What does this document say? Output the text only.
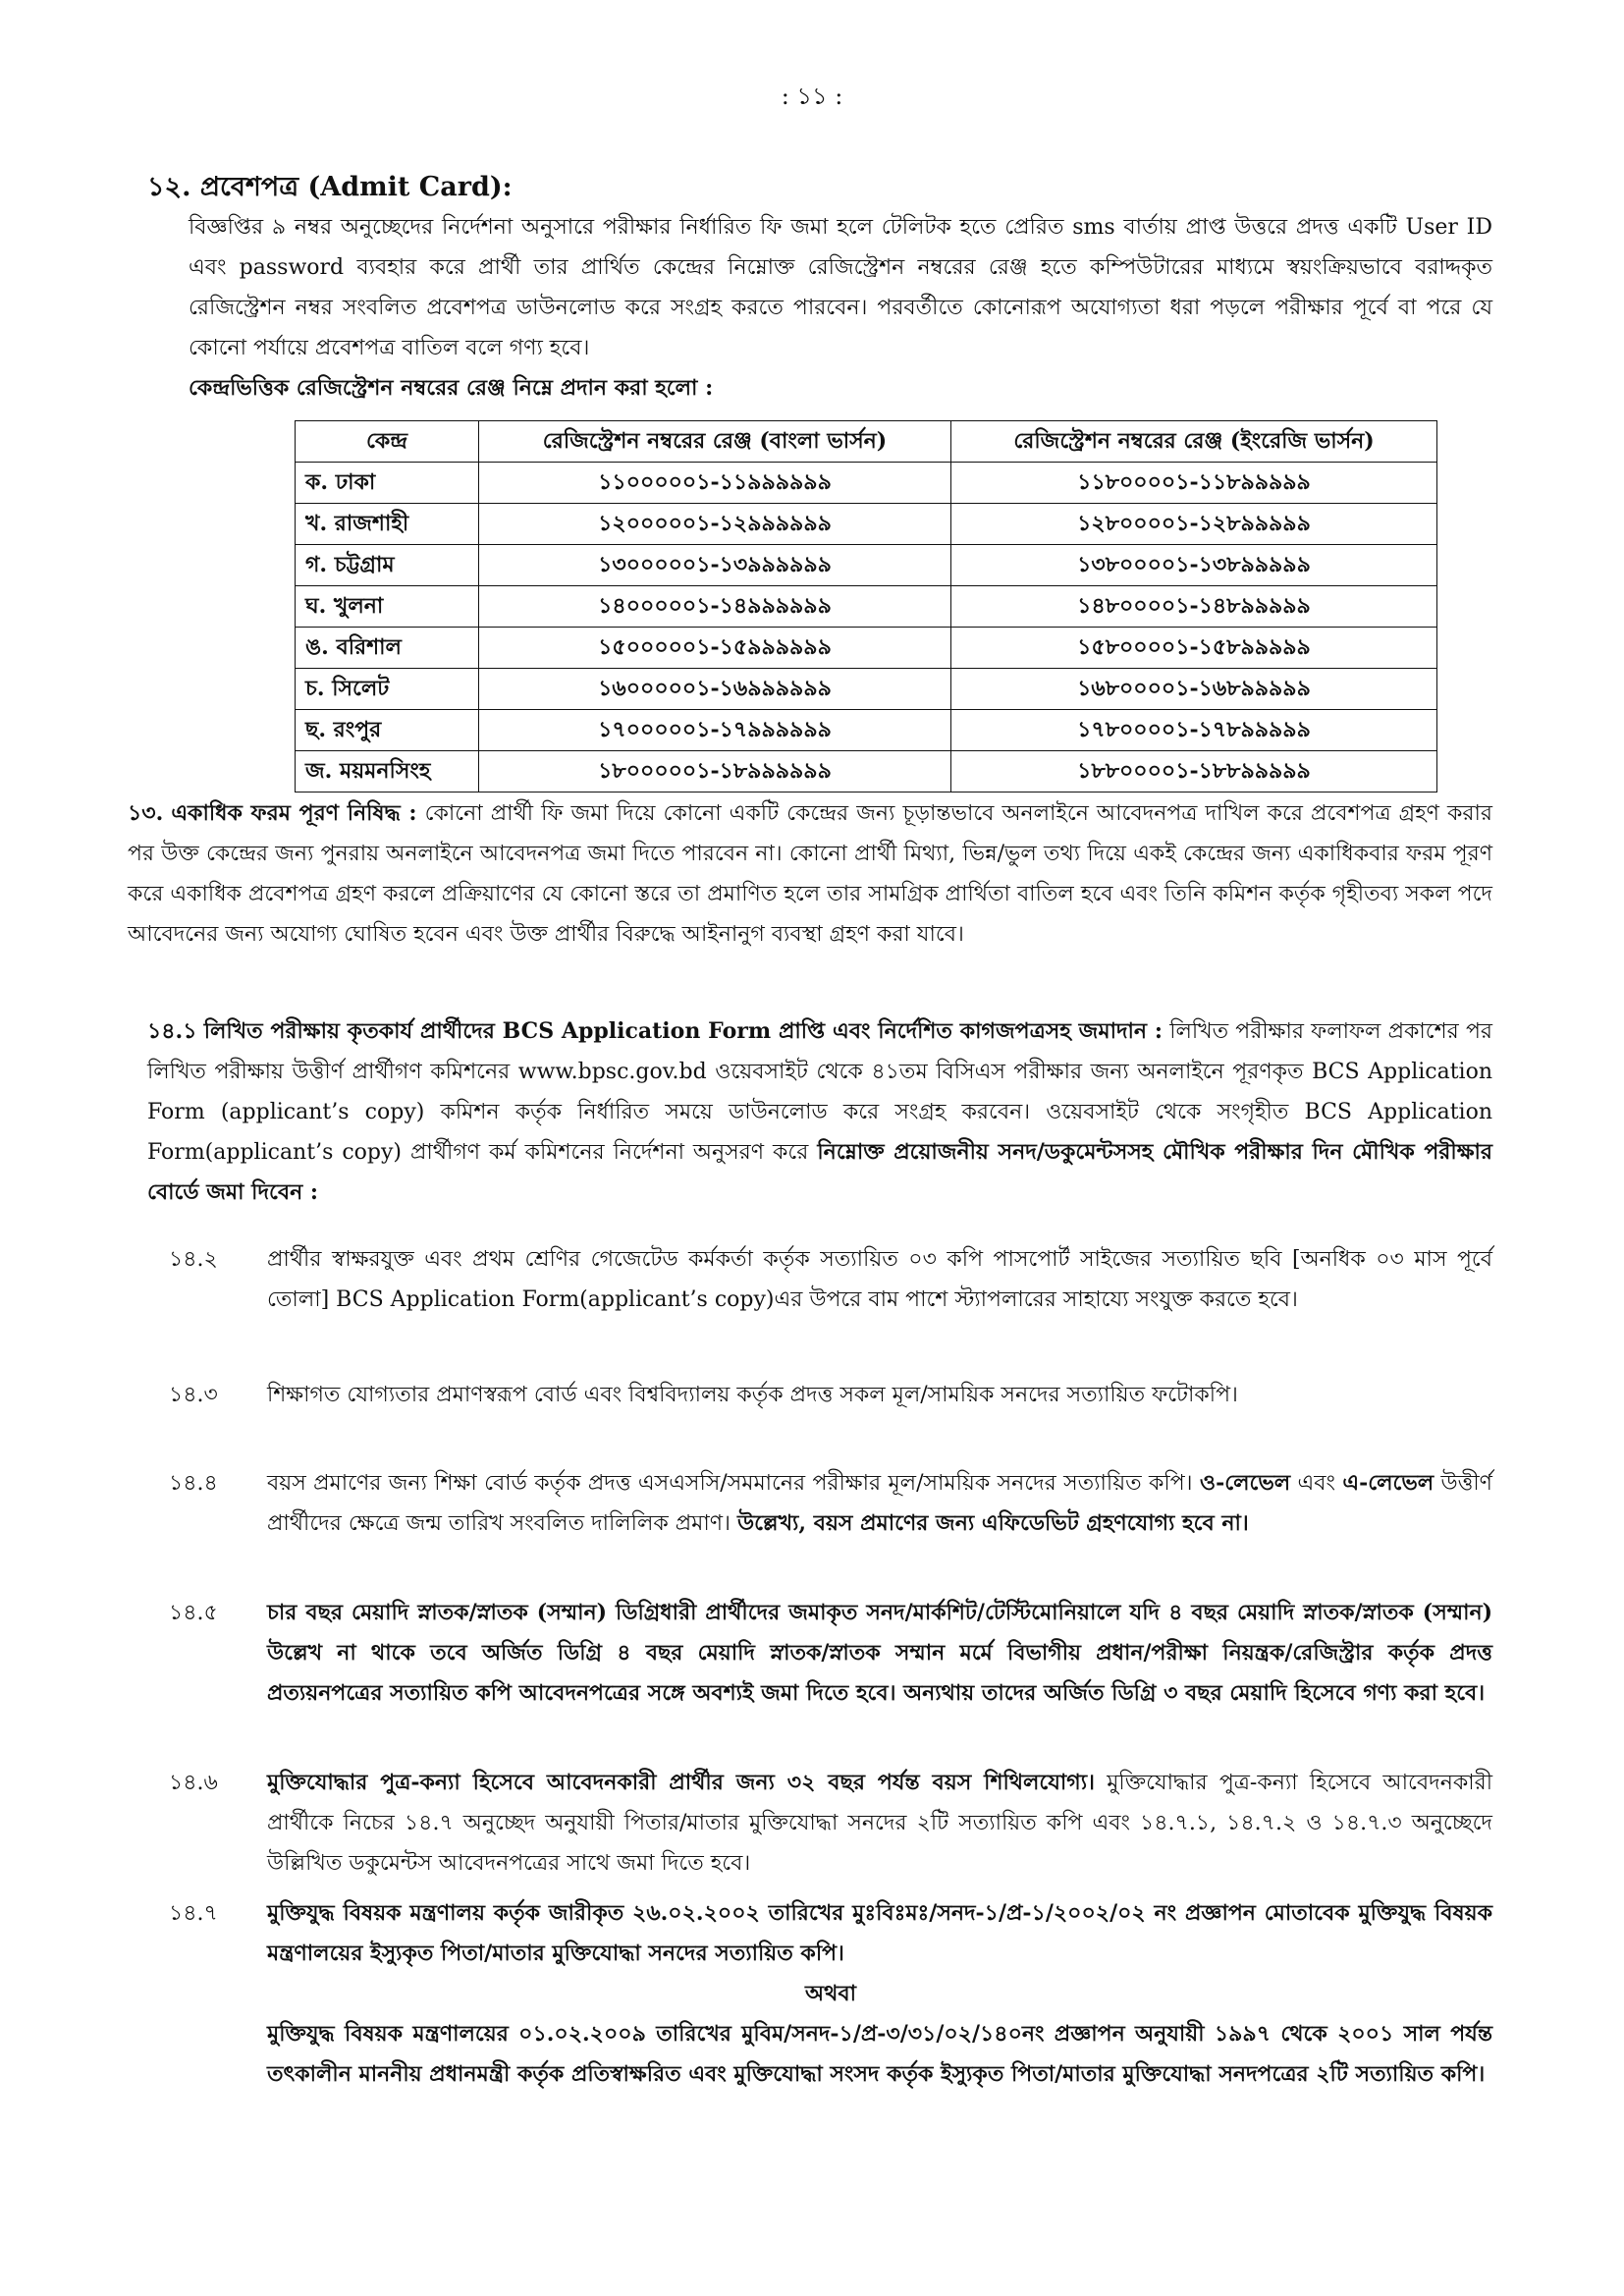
: ১১ :
১২. প্রবেশপত্র (Admit Card):
বিজ্ঞপ্তির ৯ নম্বর অনুচ্ছেদের নির্দেশনা অনুসারে পরীক্ষার নির্ধারিত ফি জমা হলে টেলিটক হতে প্রেরিত sms বার্তায় প্রাপ্ত উত্তরে প্রদত্ত একটি User ID এবং password ব্যবহার করে প্রার্থী তার প্রার্থিত কেন্দ্রের নিম্নোক্ত রেজিস্ট্রেশন নম্বরের রেঞ্জ হতে কম্পিউটারের মাধ্যমে স্বয়ংক্রিয়ভাবে বরাদ্দকৃত রেজিস্ট্রেশন নম্বর সংবলিত প্রবেশপত্র ডাউনলোড করে সংগ্রহ করতে পারবেন। পরবর্তীতে কোনোরূপ অযোগ্যতা ধরা পড়লে পরীক্ষার পূর্বে বা পরে যে কোনো পর্যায়ে প্রবেশপত্র বাতিল বলে গণ্য হবে।
কেন্দ্রভিত্তিক রেজিস্ট্রেশন নম্বরের রেঞ্জ নিম্নে প্রদান করা হলো :
কেন্দ্র	রেজিস্ট্রেশন নম্বরের রেঞ্জ (বাংলা ভার্সন)	রেজিস্ট্রেশন নম্বরের রেঞ্জ (ইংরেজি ভার্সন)
ক. ঢাকা	১১০০০০০১-১১৯৯৯৯৯৯	১১৮০০০০১-১১৮৯৯৯৯৯
খ. রাজশাহী	১২০০০০০১-১২৯৯৯৯৯৯	১২৮০০০০১-১২৮৯৯৯৯৯
গ. চট্টগ্রাম	১৩০০০০০১-১৩৯৯৯৯৯৯	১৩৮০০০০১-১৩৮৯৯৯৯৯
ঘ. খুলনা	১৪০০০০০১-১৪৯৯৯৯৯৯	১৪৮০০০০১-১৪৮৯৯৯৯৯
ঙ. বরিশাল	১৫০০০০০১-১৫৯৯৯৯৯৯	১৫৮০০০০১-১৫৮৯৯৯৯৯
চ. সিলেট	১৬০০০০০১-১৬৯৯৯৯৯৯	১৬৮০০০০১-১৬৮৯৯৯৯৯
ছ. রংপুর	১৭০০০০০১-১৭৯৯৯৯৯৯	১৭৮০০০০১-১৭৮৯৯৯৯৯
জ. ময়মনসিংহ	১৮০০০০০১-১৮৯৯৯৯৯৯	১৮৮০০০০১-১৮৮৯৯৯৯৯
১৩. একাধিক ফরম পূরণ নিষিদ্ধ : কোনো প্রার্থী ফি জমা দিয়ে কোনো একটি কেন্দ্রের জন্য চূড়ান্তভাবে অনলাইনে আবেদনপত্র দাখিল করে প্রবেশপত্র গ্রহণ করার পর উক্ত কেন্দ্রের জন্য পুনরায় অনলাইনে আবেদনপত্র জমা দিতে পারবেন না। কোনো প্রার্থী মিথ্যা, ভিন্ন/ভুল তথ্য দিয়ে একই কেন্দ্রের জন্য একাধিকবার ফরম পূরণ করে একাধিক প্রবেশপত্র গ্রহণ করলে প্রক্রিয়াণের যে কোনো স্তরে তা প্রমাণিত হলে তার সামগ্রিক প্রার্থিতা বাতিল হবে এবং তিনি কমিশন কর্তৃক গৃহীতব্য সকল পদে আবেদনের জন্য অযোগ্য ঘোষিত হবেন এবং উক্ত প্রার্থীর বিরুদ্ধে আইনানুগ ব্যবস্থা গ্রহণ করা যাবে।
১৪.১ লিখিত পরীক্ষায় কৃতকার্য প্রার্থীদের BCS Application Form প্রাপ্তি এবং নির্দেশিত কাগজপত্রসহ জমাদান : লিখিত পরীক্ষার ফলাফল প্রকাশের পর লিখিত পরীক্ষায় উত্তীর্ণ প্রার্থীগণ কমিশনের www.bpsc.gov.bd ওয়েবসাইট থেকে ৪১তম বিসিএস পরীক্ষার জন্য অনলাইনে পূরণকৃত BCS Application Form (applicant’s copy) কমিশন কর্তৃক নির্ধারিত সময়ে ডাউনলোড করে সংগ্রহ করবেন। ওয়েবসাইট থেকে সংগৃহীত BCS Application Form(applicant’s copy) প্রার্থীগণ কর্ম কমিশনের নির্দেশনা অনুসরণ করে নিম্নোক্ত প্রয়োজনীয় সনদ/ডকুমেন্টসসহ মৌখিক পরীক্ষার দিন মৌখিক পরীক্ষার বোর্ডে জমা দিবেন :
১৪.২	প্রার্থীর স্বাক্ষরযুক্ত এবং প্রথম শ্রেণির গেজেটেড কর্মকর্তা কর্তৃক সত্যায়িত ০৩ কপি পাসপোর্ট সাইজের সত্যায়িত ছবি [অনধিক ০৩ মাস পূর্বে তোলা] BCS Application Form(applicant’s copy)এর উপরে বাম পাশে স্ট্যাপলারের সাহায্যে সংযুক্ত করতে হবে।
১৪.৩	শিক্ষাগত যোগ্যতার প্রমাণস্বরূপ বোর্ড এবং বিশ্ববিদ্যালয় কর্তৃক প্রদত্ত সকল মূল/সাময়িক সনদের সত্যায়িত ফটোকপি।
১৪.৪	বয়স প্রমাণের জন্য শিক্ষা বোর্ড কর্তৃক প্রদত্ত এসএসসি/সমমানের পরীক্ষার মূল/সাময়িক সনদের সত্যায়িত কপি। ও-লেভেল এবং এ-লেভেল উত্তীর্ণ প্রার্থীদের ক্ষেত্রে জন্ম তারিখ সংবলিত দালিলিক প্রমাণ। উল্লেখ্য, বয়স প্রমাণের জন্য এফিডেভিট গ্রহণযোগ্য হবে না।
১৪.৫	চার বছর মেয়াদি স্নাতক/স্নাতক (সম্মান) ডিগ্রিধারী প্রার্থীদের জমাকৃত সনদ/মার্কশিট/টেস্টিমোনিয়ালে যদি ৪ বছর মেয়াদি স্নাতক/স্নাতক (সম্মান) উল্লেখ না থাকে তবে অর্জিত ডিগ্রি ৪ বছর মেয়াদি স্নাতক/স্নাতক সম্মান মর্মে বিভাগীয় প্রধান/পরীক্ষা নিয়ন্ত্রক/রেজিস্ট্রার কর্তৃক প্রদত্ত প্রত্যয়নপত্রের সত্যায়িত কপি আবেদনপত্রের সঙ্গে অবশ্যই জমা দিতে হবে। অন্যথায় তাদের অর্জিত ডিগ্রি ৩ বছর মেয়াদি হিসেবে গণ্য করা হবে।
১৪.৬	মুক্তিযোদ্ধার পুত্র-কন্যা হিসেবে আবেদনকারী প্রার্থীর জন্য ৩২ বছর পর্যন্ত বয়স শিথিলযোগ্য। মুক্তিযোদ্ধার পুত্র-কন্যা হিসেবে আবেদনকারী প্রার্থীকে নিচের ১৪.৭ অনুচ্ছেদ অনুযায়ী পিতার/মাতার মুক্তিযোদ্ধা সনদের ২টি সত্যায়িত কপি এবং ১৪.৭.১, ১৪.৭.২ ও ১৪.৭.৩ অনুচ্ছেদে উল্লিখিত ডকুমেন্টস আবেদনপত্রের সাথে জমা দিতে হবে।
১৪.৭	মুক্তিযুদ্ধ বিষয়ক মন্ত্রণালয় কর্তৃক জারীকৃত ২৬.০২.২০০২ তারিখের মুঃবিঃমঃ/সনদ-১/প্র-১/২০০২/০২ নং প্রজ্ঞাপন মোতাবেক মুক্তিযুদ্ধ বিষয়ক মন্ত্রণালয়ের ইস্যুকৃত পিতা/মাতার মুক্তিযোদ্ধা সনদের সত্যায়িত কপি।
অথবা
মুক্তিযুদ্ধ বিষয়ক মন্ত্রণালয়ের ০১.০২.২০০৯ তারিখের মুবিম/সনদ-১/প্র-৩/৩১/০২/১৪০নং প্রজ্ঞাপন অনুযায়ী ১৯৯৭ থেকে ২০০১ সাল পর্যন্ত তৎকালীন মাননীয় প্রধানমন্ত্রী কর্তৃক প্রতিস্বাক্ষরিত এবং মুক্তিযোদ্ধা সংসদ কর্তৃক ইস্যুকৃত পিতা/মাতার মুক্তিযোদ্ধা সনদপত্রের ২টি সত্যায়িত কপি।
